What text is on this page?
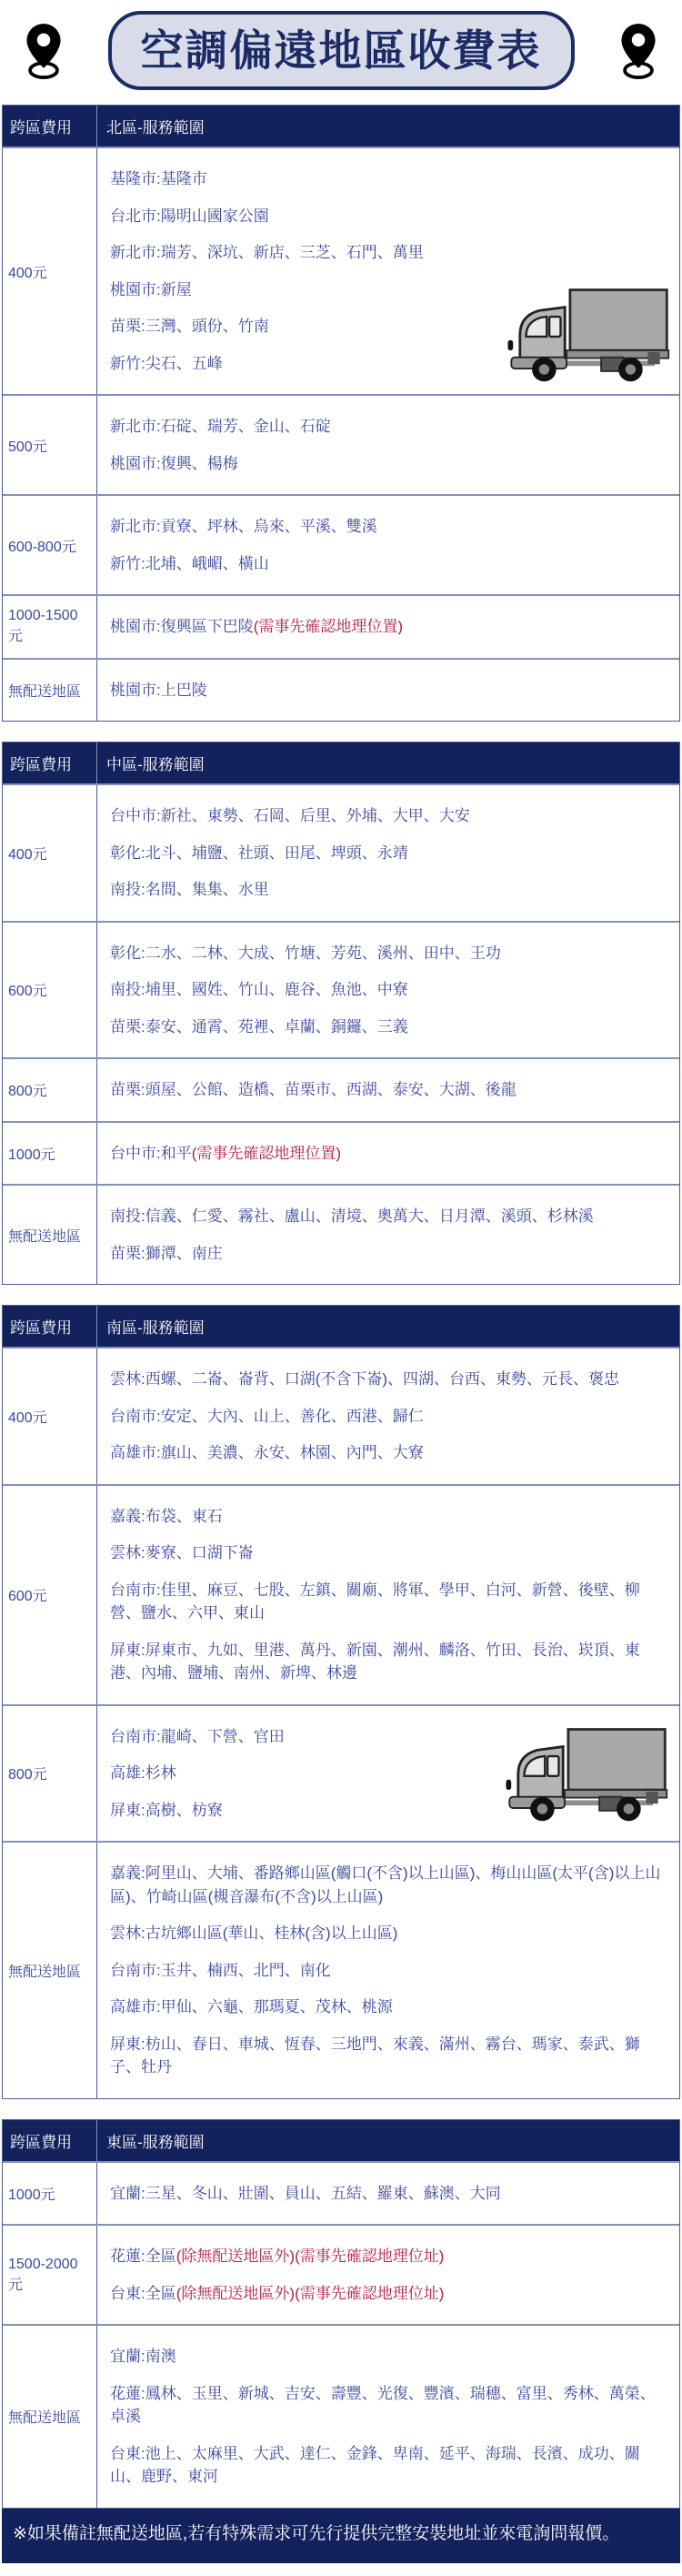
空調偏遠地區收費表
跨區費用	北區-服務範圍
400元
基隆市:基隆市
台北市:陽明山國家公園
新北市:瑞芳、深坑、新店、三芝、石門、萬里
桃園市:新屋
苗栗:三灣、頭份、竹南
新竹:尖石、五峰
500元
新北市:石碇、瑞芳、金山、石碇
桃園市:復興、楊梅
600-800元
新北市:貢寮、坪林、烏來、平溪、雙溪
新竹:北埔、峨嵋、橫山
1000-1500元
桃園市:復興區下巴陵(需事先確認地理位置)
無配送地區	桃園市:上巴陵
跨區費用	中區-服務範圍
400元
台中市:新社、東勢、石岡、后里、外埔、大甲、大安
彰化:北斗、埔鹽、社頭、田尾、埤頭、永靖
南投:名間、集集、水里
600元
彰化:二水、二林、大成、竹塘、芳苑、溪州、田中、王功
南投:埔里、國姓、竹山、鹿谷、魚池、中寮
苗栗:泰安、通霄、苑裡、卓蘭、銅鑼、三義
800元	苗栗:頭屋、公館、造橋、苗栗市、西湖、泰安、大湖、後龍
1000元	台中市:和平(需事先確認地理位置)
無配送地區
南投:信義、仁愛、霧社、盧山、清境、奧萬大、日月潭、溪頭、杉林溪
苗栗:獅潭、南庄
跨區費用	南區-服務範圍
400元
雲林:西螺、二崙、崙背、口湖(不含下崙)、四湖、台西、東勢、元長、褒忠
台南市:安定、大內、山上、善化、西港、歸仁
高雄市:旗山、美濃、永安、林園、內門、大寮
600元
嘉義:布袋、東石
雲林:麥寮、口湖下崙
台南市:佳里、麻豆、七股、左鎮、關廟、將軍、學甲、白河、新營、後壁、柳營、鹽水、六甲、東山
屏東:屏東市、九如、里港、萬丹、新園、潮州、麟洛、竹田、長治、崁頂、東港、內埔、鹽埔、南州、新埤、林邊
800元
台南市:龍崎、下營、官田
高雄:杉林
屏東:高樹、枋寮
無配送地區
嘉義:阿里山、大埔、番路鄉山區(觸口(不含)以上山區)、梅山山區(太平(含)以上山區)、竹崎山區(槻音瀑布(不含)以上山區)
雲林:古坑鄉山區(華山、桂林(含)以上山區)
台南市:玉井、楠西、北門、南化
高雄市:甲仙、六龜、那瑪夏、茂林、桃源
屏東:枋山、春日、車城、恆春、三地門、來義、滿州、霧台、瑪家、泰武、獅子、牡丹
跨區費用	東區-服務範圍
1000元	宜蘭:三星、冬山、壯圍、員山、五結、羅東、蘇澳、大同
1500-2000元
花蓮:全區(除無配送地區外)(需事先確認地理位址)
台東:全區(除無配送地區外)(需事先確認地理位址)
無配送地區
宜蘭:南澳
花蓮:鳳林、玉里、新城、吉安、壽豐、光復、豐濱、瑞穗、富里、秀林、萬榮、卓溪
台東:池上、太麻里、大武、達仁、金鋒、卑南、延平、海瑞、長濱、成功、關山、鹿野、東河
※如果備註無配送地區,若有特殊需求可先行提供完整安裝地址並來電詢問報價。
